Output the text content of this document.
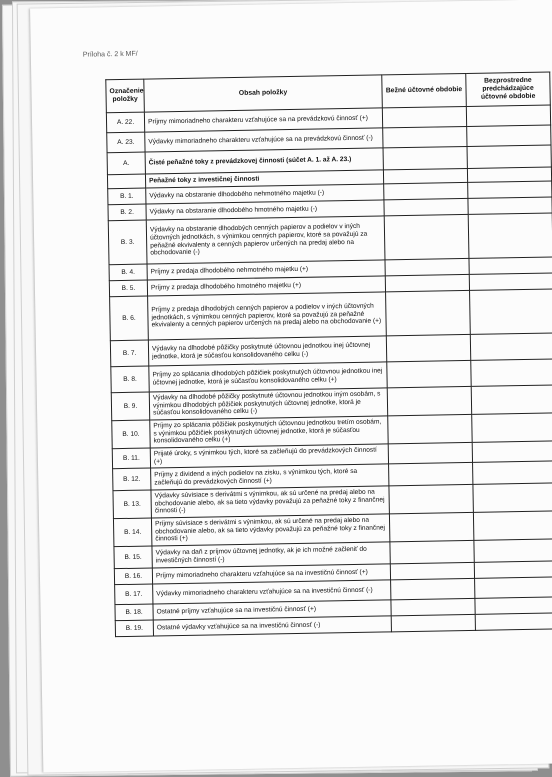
Príloha č. 2 k MF/
Označenie položky	Obsah položky	Bežné účtovné obdobie	Bezprostredne predchádzajúce účtovné obdobie
A. 22.	Príjmy mimoriadneho charakteru vzťahujúce sa na prevádzkovú činnosť (+)		
A. 23.	Výdavky mimoriadneho charakteru vzťahujúce sa na prevádzkovú činnosť (-)		
A.	Čisté peňažné toky z prevádzkovej činnosti (súčet A. 1. až A. 23.)		
	Peňažné toky z investičnej činnosti		
B. 1.	Výdavky na obstaranie dlhodobého nehmotného majetku (-)		
B. 2.	Výdavky na obstaranie dlhodobého hmotného majetku (-)		
B. 3.	Výdavky na obstaranie dlhodobých cenných papierov a podielov v iných účtovných jednotkách, s výnimkou cenných papierov, ktoré sa považujú za peňažné ekvivalenty a cenných papierov určených na predaj alebo na obchodovanie (-)		
B. 4.	Príjmy z predaja dlhodobého nehmotného majetku (+)		
B. 5.	Príjmy z predaja dlhodobého hmotného majetku (+)		
B. 6.	Príjmy z predaja dlhodobých cenných papierov a podielov v iných účtovných jednotkách, s výnimkou cenných papierov, ktoré sa považujú za peňažné ekvivalenty a cenných papierov určených na predaj alebo na obchodovanie (+)		
B. 7.	Výdavky na dlhodobé pôžičky poskytnuté účtovnou jednotkou inej účtovnej jednotke, ktorá je súčasťou konsolidovaného celku (-)		
B. 8.	Príjmy zo splácania dlhodobých pôžičiek poskytnutých účtovnou jednotkou inej účtovnej jednotke, ktorá je súčasťou konsolidovaného celku (+)		
B. 9.	Výdavky na dlhodobé pôžičky poskytnuté účtovnou jednotkou iným osobám, s výnimkou dlhodobých pôžičiek poskytnutých účtovnej jednotke, ktorá je súčasťou konsolidovaného celku (-)		
B. 10.	Príjmy zo splácania pôžičiek poskytnutých účtovnou jednotkou tretím osobám, s výnimkou pôžičiek poskytnutých účtovnej jednotke, ktorá je súčasťou konsolidovaného celku (+)		
B. 11.	Prijaté úroky, s výnimkou tých, ktoré sa začleňujú do prevádzkových činností (+)		
B. 12.	Príjmy z dividend a iných podielov na zisku, s výnimkou tých, ktoré sa začleňujú do prevádzkových činností (+)		
B. 13.	Výdavky súvisiace s derivátmi s výnimkou, ak sú určené na predaj alebo na obchodovanie alebo, ak sa tieto výdavky považujú za peňažné toky z finančnej činnosti (-)		
B. 14.	Príjmy súvisiace s derivátmi s výnimkou, ak sú určené na predaj alebo na obchodovanie alebo, ak sa tieto výdavky považujú za peňažné toky z finančnej činnosti (+)		
B. 15.	Výdavky na daň z príjmov účtovnej jednotky, ak je ich možné začleniť do investičných činností (-)		
B. 16.	Príjmy mimoriadneho charakteru vzťahujúce sa na investičnú činnosť (+)		
B. 17.	Výdavky mimoriadneho charakteru vzťahujúce sa na investičnú činnosť (-)		
B. 18.	Ostatné príjmy vzťahujúce sa na investičnú činnosť (+)		
B. 19.	Ostatné výdavky vzťahujúce sa na investičnú činnosť (-)		
